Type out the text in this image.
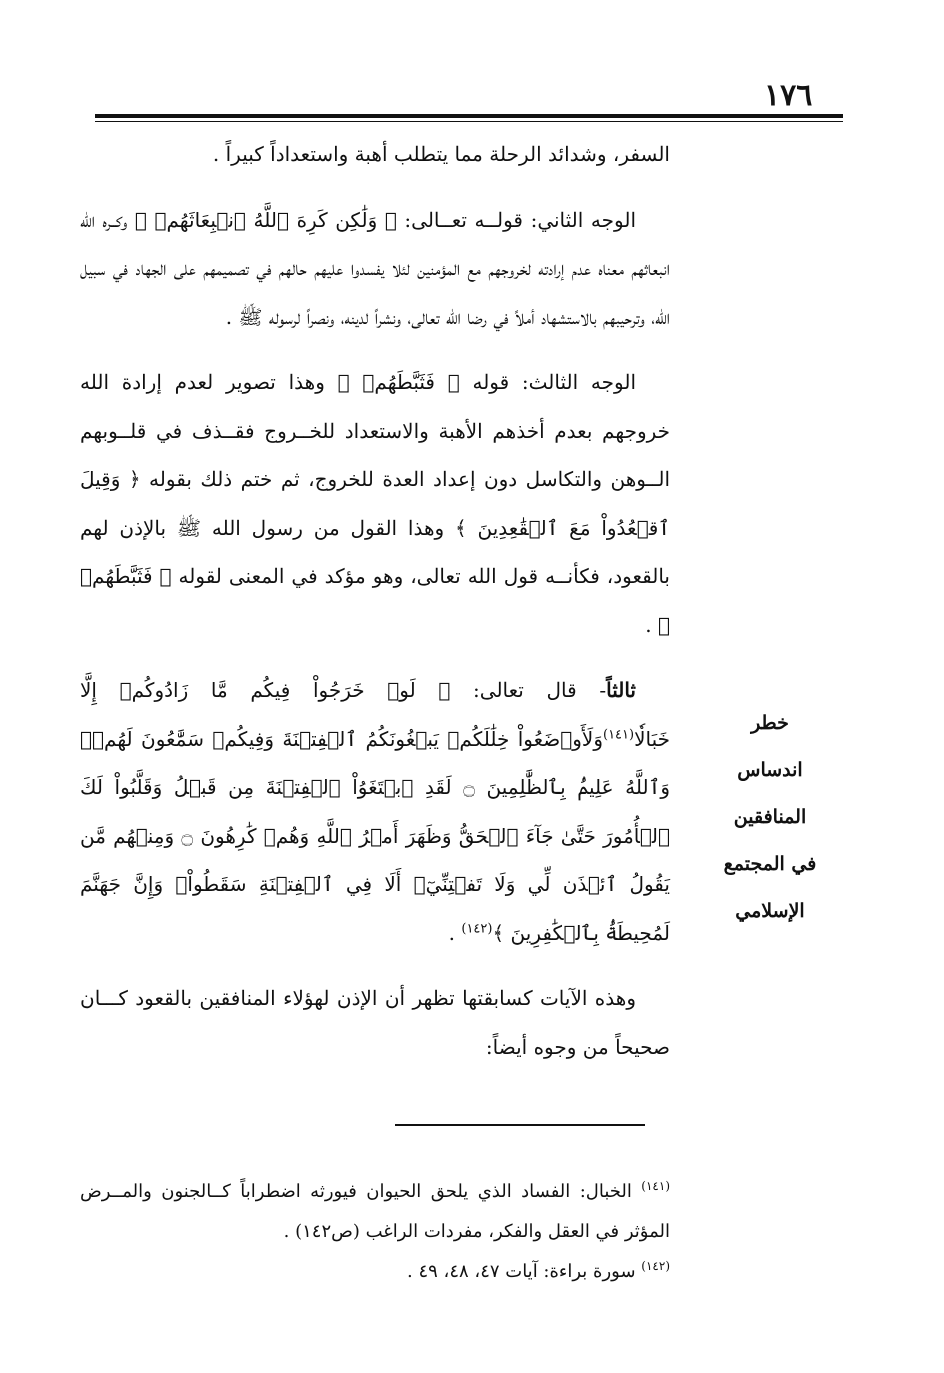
١٧٦

السفر، وشدائد الرحلة مما يتطلب أهبة واستعداداً كبيراً .

الوجه الثاني: قولــه تعــالى: ﴿ وَلَٰكِن كَرِهَ ٱللَّهُ ٱنۢبِعَاثَهُمۡ ﴾ وكــره الله انبعاثهم معناه عدم إرادته لخروجهم مع المؤمنين لئلا يفسدوا عليهم حالهم في تصميمهم على الجهاد في سبيل الله، وترحيبهم بالاستشهاد أملاً في رضا الله تعالى، ونشراً لدينه، ونصراً لرسوله ﷺ .

الوجه الثالث: قوله ﴿ فَثَبَّطَهُمۡ ﴾ وهذا تصوير لعدم إرادة الله خروجهم بعدم أخذهم الأهبة والاستعداد للخــروج فقــذف في قلــوبهم الــوهن والتكاسل دون إعداد العدة للخروج، ثم ختم ذلك بقوله ﴿ وَقِيلَ ٱقۡعُدُواْ مَعَ ٱلۡقَٰعِدِينَ ﴾ وهذا القول من رسول الله ﷺ بالإذن لهم بالقعود، فكأنــه قول الله تعالى، وهو مؤكد في المعنى لقوله ﴿ فَثَبَّطَهُمۡ ﴾ .

ثالثاً- قال تعالى: ﴿ لَوۡ خَرَجُواْ فِيكُم مَّا زَادُوكُمۡ إِلَّا خَبَالٗا$^{(١٤١)}$وَلَأَوۡضَعُواْ خِلَٰلَكُمۡ يَبۡغُونَكُمُ ٱلۡفِتۡنَةَ وَفِيكُمۡ سَمَّٰعُونَ لَهُمۡۗ وَٱللَّهُ عَلِيمُۢ بِٱلظَّٰلِمِينَ ۝ لَقَدِ ٱبۡتَغَوُاْ ٱلۡفِتۡنَةَ مِن قَبۡلُ وَقَلَّبُواْ لَكَ ٱلۡأُمُورَ حَتَّىٰ جَآءَ ٱلۡحَقُّ وَظَهَرَ أَمۡرُ ٱللَّهِ وَهُمۡ كَٰرِهُونَ ۝ وَمِنۡهُم مَّن يَقُولُ ٱئۡذَن لِّي وَلَا تَفۡتِنِّيٓۚ أَلَا فِي ٱلۡفِتۡنَةِ سَقَطُواْۗ وَإِنَّ جَهَنَّمَ لَمُحِيطَةُۢ بِٱلۡكَٰفِرِينَ ﴾$^{(١٤٢)}$ .

وهذه الآيات كسابقتها تظهر أن الإذن لهؤلاء المنافقين بالقعود كـــان صحيحاً من وجوه أيضاً:

خطر
اندساس المنافقين
في المجتمع
الإسلامي

$^{(١٤١)}$ الخبال: الفساد الذي يلحق الحيوان فيورثه اضطراباً كــالجنون والمــرض المؤثر في العقل والفكر، مفردات الراغب (ص١٤٢) .

$^{(١٤٢)}$ سورة براءة: آيات ٤٧، ٤٨، ٤٩ .
